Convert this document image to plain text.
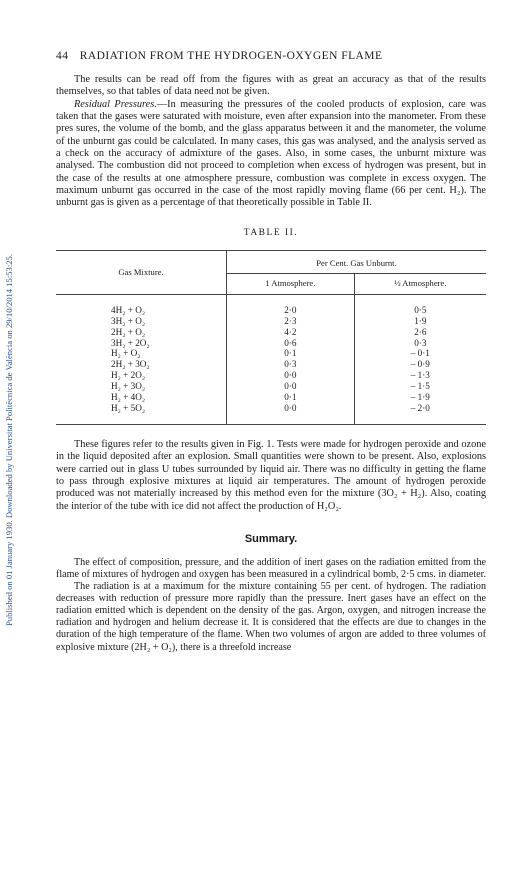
Published on 01 January 1930. Downloaded by Universitat Politècnica de València on 29/10/2014 15:53:25.
44 RADIATION FROM THE HYDROGEN-OXYGEN FLAME

The results can be read off from the figures with as great an accuracy as that of the results themselves, so that tables of data need not be given.

Residual Pressures.—In measuring the pressures of the cooled products of explosion, care was taken that the gases were saturated with moisture, even after expansion into the manometer. From these pres sures, the volume of the bomb, and the glass apparatus between it and the manometer, the volume of the unburnt gas could be calculated. In many cases, this gas was analysed, and the analysis served as a check on the accuracy of admixture of the gases. Also, in some cases, the unburnt mixture was analysed. The combustion did not proceed to completion when excess of hydrogen was present, but in the case of the results at one atmosphere pressure, combustion was complete in excess oxygen. The maximum unburnt gas occurred in the case of the most rapidly moving flame (66 per cent. H₂). The unburnt gas is given as a percentage of that theoretically possible in Table II.

TABLE II.
Gas Mixture.	Per Cent. Gas Unburnt.	
	1 Atmosphere.	½ Atmosphere.

4H₂ + O₂	2·0	0·5
3H₂ + O₂	2·3	1·9
2H₂ + O₂	4·2	2·6
3H₂ + 2O₂	0·6	0·3
H₂ + O₂	0·1	– 0·1
2H₂ + 3O₂	0·3	– 0·9
H₂ + 2O₂	0·0	– 1·3
H₂ + 3O₂	0·0	– 1·5
H₂ + 4O₂	0·1	– 1·9
H₂ + 5O₂	0·0	– 2·0

These figures refer to the results given in Fig. 1. Tests were made for hydrogen peroxide and ozone in the liquid deposited after an explosion. Small quantities were shown to be present. Also, explosions were carried out in glass U tubes surrounded by liquid air. There was no difficulty in getting the flame to pass through explosive mixtures at liquid air temperatures. The amount of hydrogen peroxide produced was not materially increased by this method even for the mixture (3O₂ + H₂). Also, coating the interior of the tube with ice did not affect the production of H₂O₂.

Summary.

The effect of composition, pressure, and the addition of inert gases on the radiation emitted from the flame of mixtures of hydrogen and oxygen has been measured in a cylindrical bomb, 2·5 cms. in diameter.

The radiation is at a maximum for the mixture containing 55 per cent. of hydrogen. The radiation decreases with reduction of pressure more rapidly than the pressure. Inert gases have an effect on the radiation emitted which is dependent on the density of the gas. Argon, oxygen, and nitrogen increase the radiation and hydrogen and helium decrease it. It is considered that the effects are due to changes in the duration of the high temperature of the flame. When two volumes of argon are added to three volumes of explosive mixture (2H₂ + O₂), there is a threefold increase
